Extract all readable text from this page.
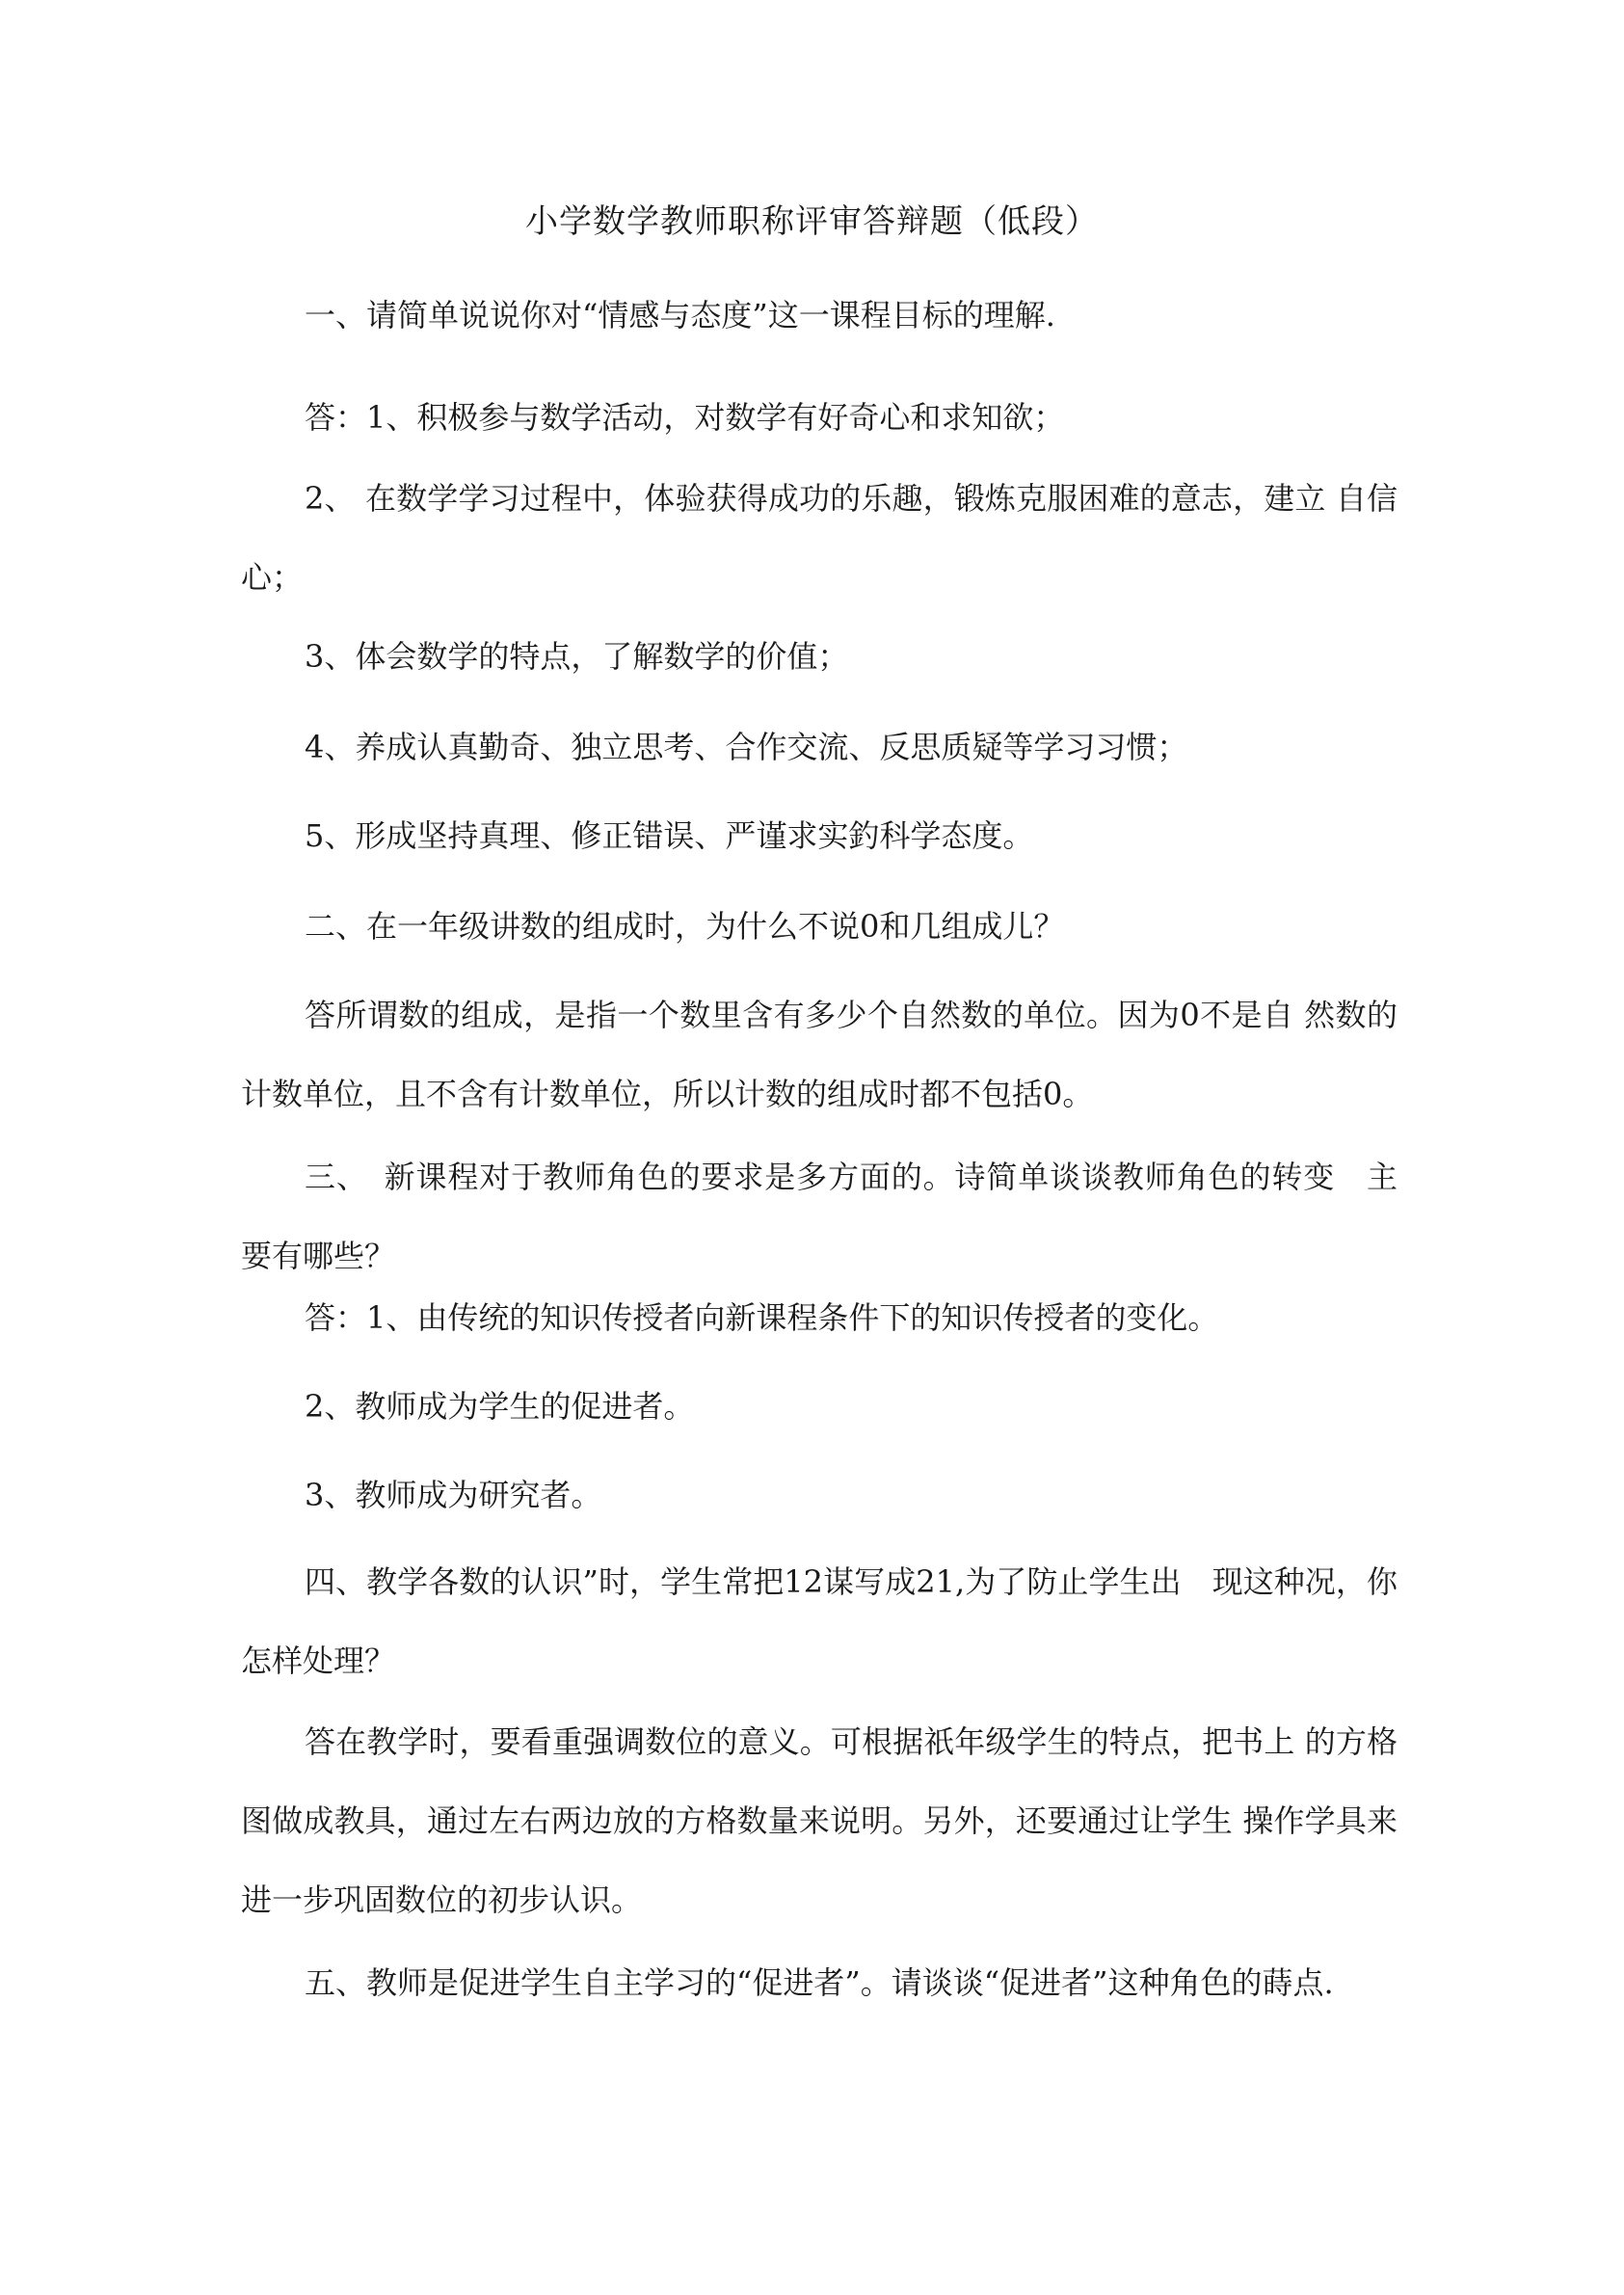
小学数学教师职称评审答辩题（低段）

一、请简单说说你对“情感与态度”这一课程目标的理解.

答：1、积极参与数学活动，对数学有好奇心和求知欲；

2、 在数学学习过程中，体验获得成功的乐趣，锻炼克服困难的意志，建立 自信心；

3、体会数学的特点，了解数学的价值；

4、养成认真勤奇、独立思考、合作交流、反思质疑等学习习惯；

5、形成坚持真理、修正错误、严谨求实釣科学态度。

二、在一年级讲数的组成时，为什么不说0和几组成儿？

答所谓数的组成，是指一个数里含有多少个自然数的单位。因为0不是自 然数的计数单位，且不含有计数单位，所以计数的组成时都不包括0。

三、　新课程对于教师角色的要求是多方面的。诗简单谈谈教师角色的转变　主要有哪些？

答：1、由传统的知识传授者向新课程条件下的知识传授者的变化。

2、教师成为学生的促进者。

3、教师成为研究者。

四、教学各数的认识”时，学生常把12谋写成21,为了防止学生出　现这种况，你怎样处理？

答在教学时，要看重强调数位的意义。可根据祇年级学生的特点，把书上 的方格图做成教具，通过左右两边放的方格数量来说明。另外，还要通过让学生 操作学具来进一步巩固数位的初步认识。

五、教师是促进学生自主学习的“促进者”。请谈谈“促进者”这种角色的蒔点.
